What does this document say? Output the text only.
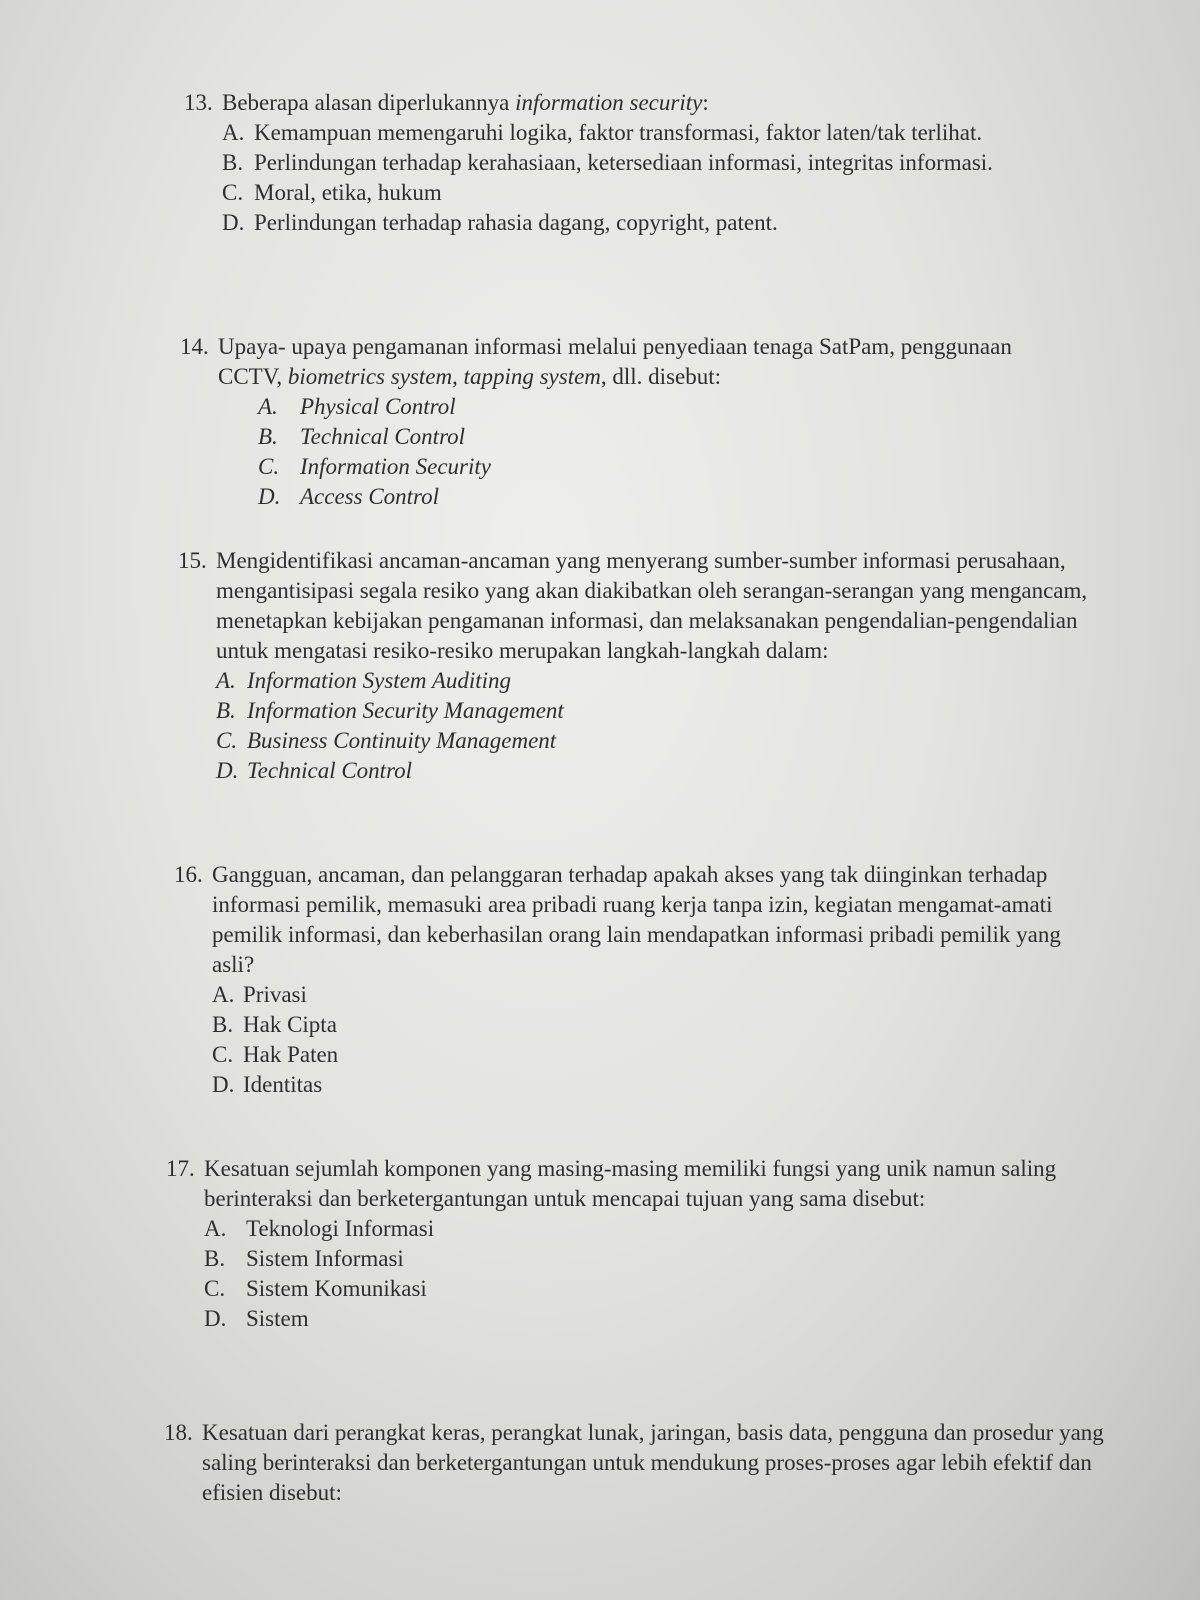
13. Beberapa alasan diperlukannya information security:
A. Kemampuan memengaruhi logika, faktor transformasi, faktor laten/tak terlihat.
B. Perlindungan terhadap kerahasiaan, ketersediaan informasi, integritas informasi.
C. Moral, etika, hukum
D. Perlindungan terhadap rahasia dagang, copyright, patent.
14. Upaya- upaya pengamanan informasi melalui penyediaan tenaga SatPam, penggunaan CCTV, biometrics system, tapping system, dll. disebut:
A. Physical Control
B. Technical Control
C. Information Security
D. Access Control
15. Mengidentifikasi ancaman-ancaman yang menyerang sumber-sumber informasi perusahaan, mengantisipasi segala resiko yang akan diakibatkan oleh serangan-serangan yang mengancam, menetapkan kebijakan pengamanan informasi, dan melaksanakan pengendalian-pengendalian untuk mengatasi resiko-resiko merupakan langkah-langkah dalam:
A. Information System Auditing
B. Information Security Management
C. Business Continuity Management
D. Technical Control
16. Gangguan, ancaman, dan pelanggaran terhadap apakah akses yang tak diinginkan terhadap informasi pemilik, memasuki area pribadi ruang kerja tanpa izin, kegiatan mengamat-amati pemilik informasi, dan keberhasilan orang lain mendapatkan informasi pribadi pemilik yang asli?
A. Privasi
B. Hak Cipta
C. Hak Paten
D. Identitas
17. Kesatuan sejumlah komponen yang masing-masing memiliki fungsi yang unik namun saling berinteraksi dan berketergantungan untuk mencapai tujuan yang sama disebut:
A. Teknologi Informasi
B. Sistem Informasi
C. Sistem Komunikasi
D. Sistem
18. Kesatuan dari perangkat keras, perangkat lunak, jaringan, basis data, pengguna dan prosedur yang saling berinteraksi dan berketergantungan untuk mendukung proses-proses agar lebih efektif dan efisien disebut:
